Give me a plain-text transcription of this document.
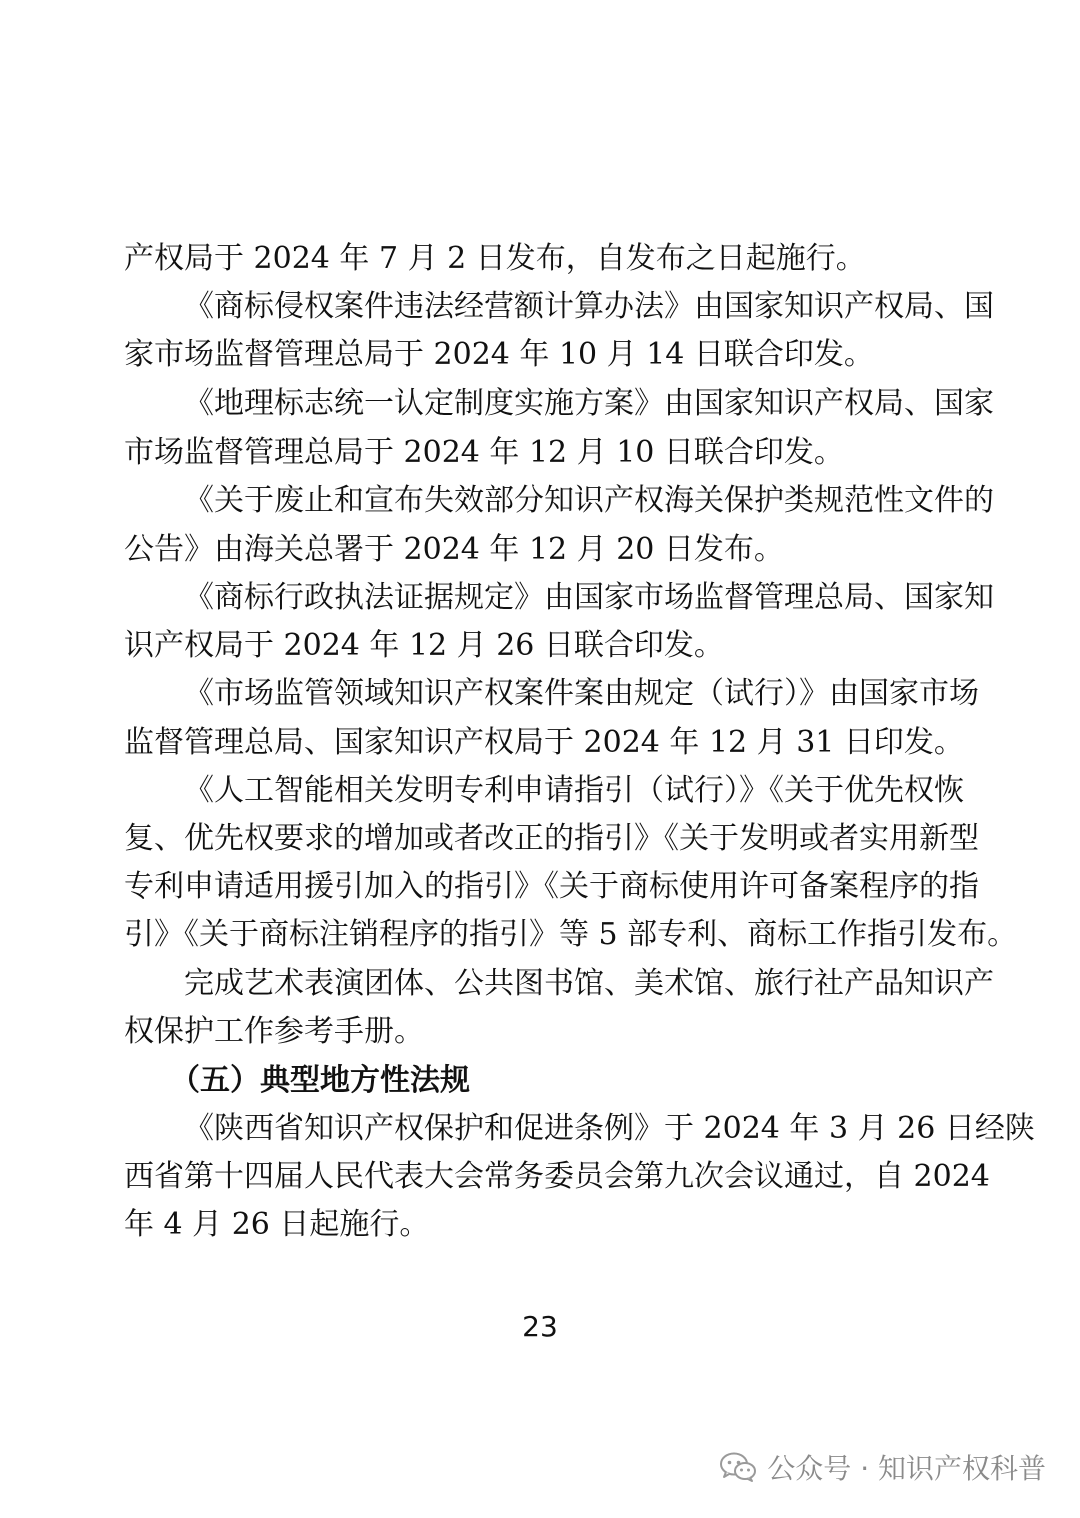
产权局于 2024 年 7 月 2 日发布，自发布之日起施行。
《商标侵权案件违法经营额计算办法》由国家知识产权局、国
家市场监督管理总局于 2024 年 10 月 14 日联合印发。
《地理标志统一认定制度实施方案》由国家知识产权局、国家
市场监督管理总局于 2024 年 12 月 10 日联合印发。
《关于废止和宣布失效部分知识产权海关保护类规范性文件的
公告》由海关总署于 2024 年 12 月 20 日发布。
《商标行政执法证据规定》由国家市场监督管理总局、国家知
识产权局于 2024 年 12 月 26 日联合印发。
《市场监管领域知识产权案件案由规定（试行）》由国家市场
监督管理总局、国家知识产权局于 2024 年 12 月 31 日印发。
《人工智能相关发明专利申请指引（试行）》《关于优先权恢
复、优先权要求的增加或者改正的指引》《关于发明或者实用新型
专利申请适用援引加入的指引》《关于商标使用许可备案程序的指
引》《关于商标注销程序的指引》等 5 部专利、商标工作指引发布。
完成艺术表演团体、公共图书馆、美术馆、旅行社产品知识产
权保护工作参考手册。
（五）典型地方性法规
《陕西省知识产权保护和促进条例》于 2024 年 3 月 26 日经陕
西省第十四届人民代表大会常务委员会第九次会议通过，自 2024
年 4 月 26 日起施行。
23
公众号 · 知识产权科普
